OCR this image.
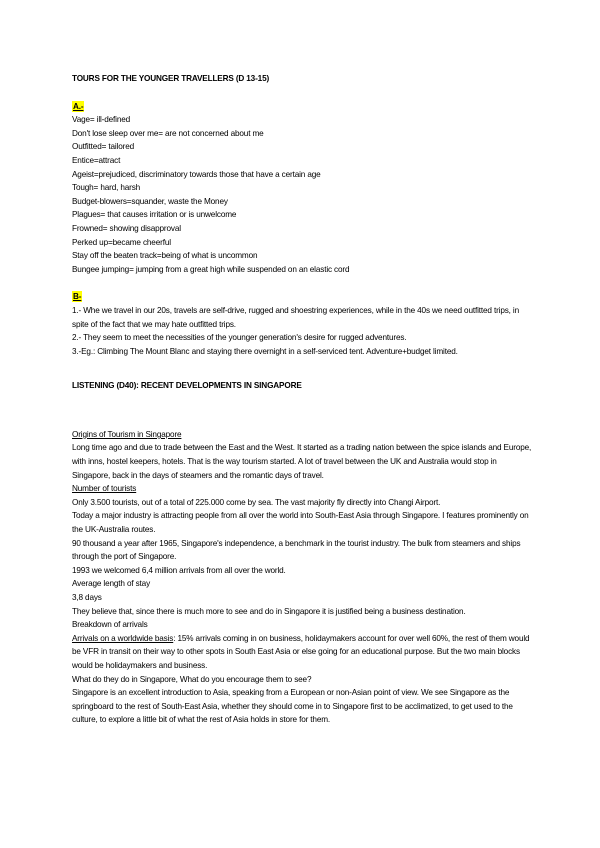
TOURS FOR THE YOUNGER TRAVELLERS (D 13-15)
A.-
Vage= ill-defined
Don't lose sleep over me= are not concerned about me
Outfitted= tailored
Entice=attract
Ageist=prejudiced, discriminatory towards those that have a certain age
Tough= hard, harsh
Budget-blowers=squander, waste the Money
Plagues= that causes irritation or is unwelcome
Frowned= showing disapproval
Perked up=became cheerful
Stay off the beaten track=being of what is uncommon
Bungee jumping= jumping from a great high while suspended on an elastic cord
B-
1.- Whe we travel in our 20s, travels are self-drive, rugged and shoestring experiences, while in the 40s we need outfitted trips, in spite of the fact that we may hate outfitted trips.
2.- They seem to meet the necessities of the younger generation's desire for rugged adventures.
3.-Eg.: Climbing The Mount Blanc and staying there overnight in a self-serviced tent. Adventure+budget limited.
LISTENING (D40): RECENT DEVELOPMENTS IN SINGAPORE
Origins of Tourism in Singapore
Long time ago and due to trade between the East and the West. It started as a trading nation between the spice islands and Europe, with inns, hostel keepers, hotels. That is the way tourism started. A lot of travel between the UK and Australia would stop in Singapore, back in the days of steamers and the romantic days of travel.
Number of tourists
Only 3.500 tourists, out of a total of 225.000 come by sea. The vast majority fly directly into Changi Airport.
Today a major industry is attracting people from all over the world into South-East Asia through Singapore. I features prominently on the UK-Australia routes.
90 thousand a year after 1965, Singapore's independence, a benchmark in the tourist industry. The bulk from steamers and ships through the port of Singapore.
1993 we welcomed 6,4 million arrivals from all over the world.
Average length of stay
3,8 days
They believe that, since there is much more to see and do in Singapore it is justified being a business destination.
Breakdown of arrivals
Arrivals on a worldwide basis: 15% arrivals coming in on business, holidaymakers account for over well 60%, the rest of them would be VFR in transit on their way to other spots in South East Asia or else going for an educational purpose. But the two main blocks would be holidaymakers and business.
What do they do in Singapore, What do you encourage them to see?
Singapore is an excellent introduction to Asia, speaking from a European or non-Asian point of view. We see Singapore as the springboard to the rest of South-East Asia, whether they should come in to Singapore first to be acclimatized, to get used to the culture, to explore a little bit of what the rest of Asia holds in store for them.
